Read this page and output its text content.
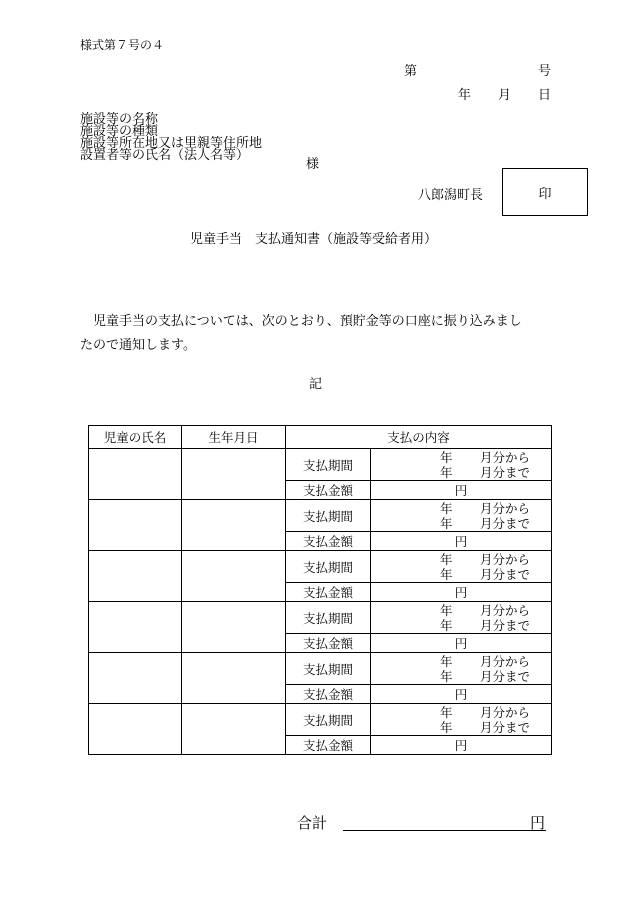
様式第７号の４
第	号
年 月 日
施設等の名称
施設等の種類
施設等所在地又は里親等住所地
設置者等の氏名（法人名等）
様
八郎潟町長	印
児童手当　支払通知書（施設等受給者用）
児童手当の支払については、次のとおり、預貯金等の口座に振り込みまし
たので通知します。
記
児童の氏名	生年月日	支払の内容	
		支払期間	年 月分から
年 月分まで

		支払金額	円
		支払期間	年 月分から
年 月分まで

		支払金額	円
		支払期間	年 月分から
年 月分まで

		支払金額	円
		支払期間	年 月分から
年 月分まで

		支払金額	円
		支払期間	年 月分から
年 月分まで

		支払金額	円
		支払期間	年 月分から
年 月分まで

		支払金額	円
合計	円
